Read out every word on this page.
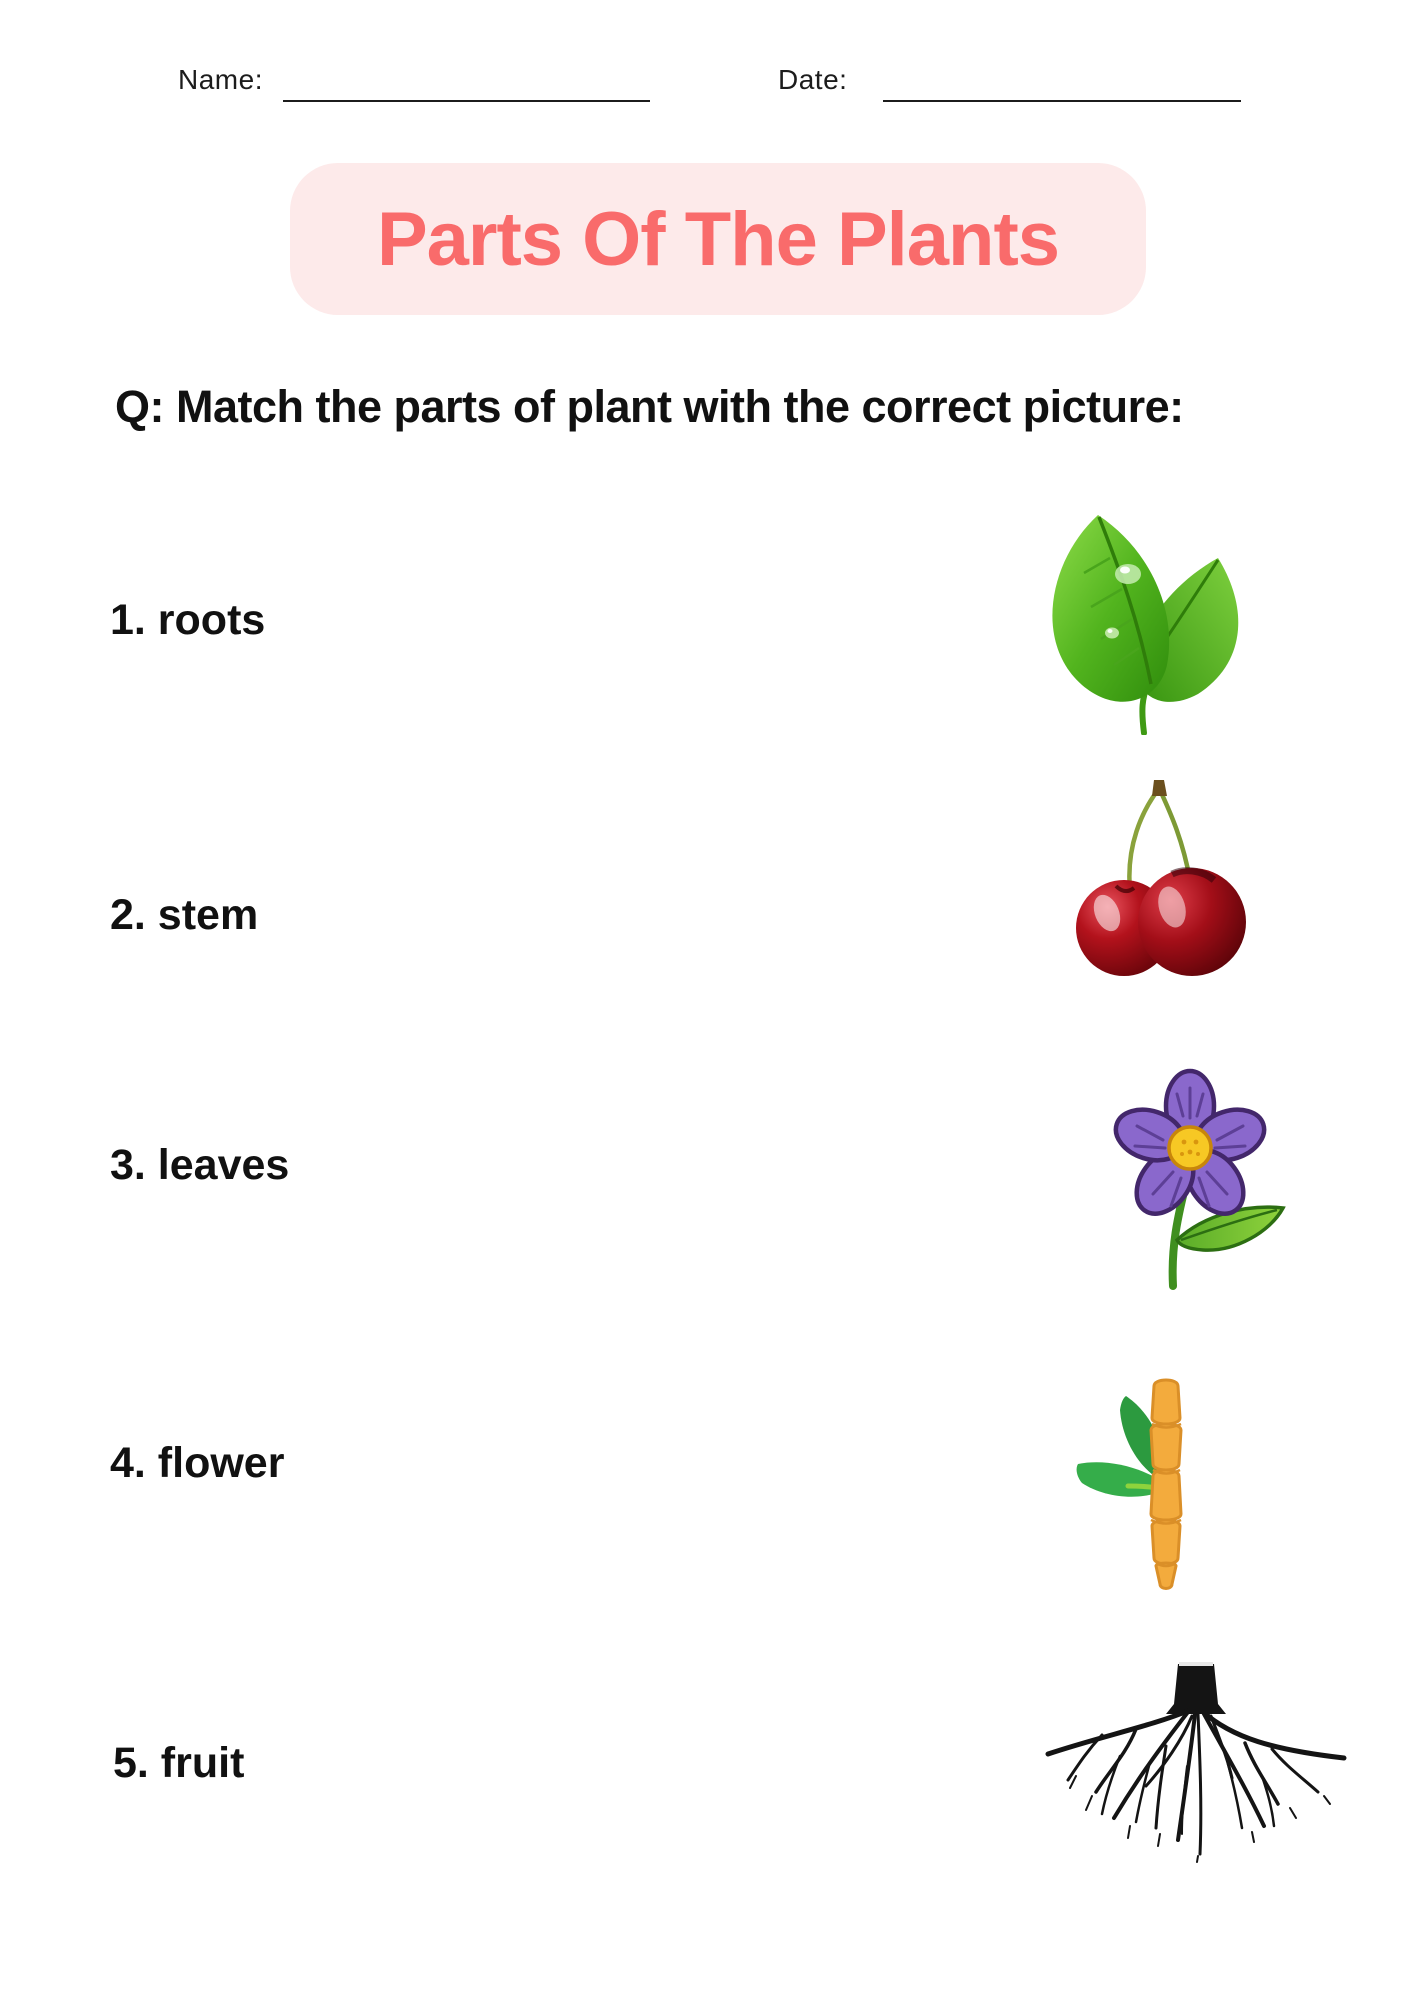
Name:	Date:
Parts Of The Plants
Q: Match the parts of plant with the correct picture:
1. roots
2. stem
3. leaves
4. flower
5. fruit
